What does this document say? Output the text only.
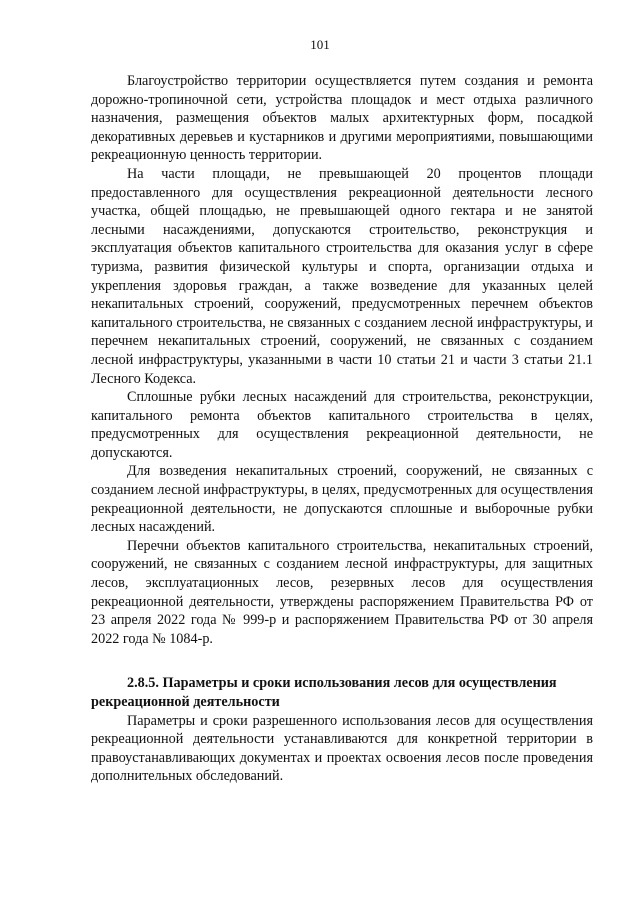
101

Благоустройство территории осуществляется путем создания и ремонта дорожно-тропиночной сети, устройства площадок и мест отдыха различного назначения, размещения объектов малых архитектурных форм, посадкой декоративных деревьев и кустарников и другими мероприятиями, повышающими рекреационную ценность территории.

На части площади, не превышающей 20 процентов площади предоставленного для осуществления рекреационной деятельности лесного участка, общей площадью, не превышающей одного гектара и не занятой лесными насаждениями, допускаются строительство, реконструкция и эксплуатация объектов капитального строительства для оказания услуг в сфере туризма, развития физической культуры и спорта, организации отдыха и укрепления здоровья граждан, а также возведение для указанных целей некапитальных строений, сооружений, предусмотренных перечнем объектов капитального строительства, не связанных с созданием лесной инфраструктуры, и перечнем некапитальных строений, сооружений, не связанных с созданием лесной инфраструктуры, указанными в части 10 статьи 21 и части 3 статьи 21.1 Лесного Кодекса.

Сплошные рубки лесных насаждений для строительства, реконструкции, капитального ремонта объектов капитального строительства в целях, предусмотренных для осуществления рекреационной деятельности, не допускаются.

Для возведения некапитальных строений, сооружений, не связанных с созданием лесной инфраструктуры, в целях, предусмотренных для осуществления рекреационной деятельности, не допускаются сплошные и выборочные рубки лесных насаждений.

Перечни объектов капитального строительства, некапитальных строений, сооружений, не связанных с созданием лесной инфраструктуры, для защитных лесов, эксплуатационных лесов, резервных лесов для осуществления рекреационной деятельности, утверждены распоряжением Правительства РФ от 23 апреля 2022 года № 999-р и распоряжением Правительства РФ от 30 апреля 2022 года № 1084-р.

2.8.5. Параметры и сроки использования лесов для осуществления рекреационной деятельности

Параметры и сроки разрешенного использования лесов для осуществления рекреационной деятельности устанавливаются для конкретной территории в правоустанавливающих документах и проектах освоения лесов после проведения дополнительных обследований.
